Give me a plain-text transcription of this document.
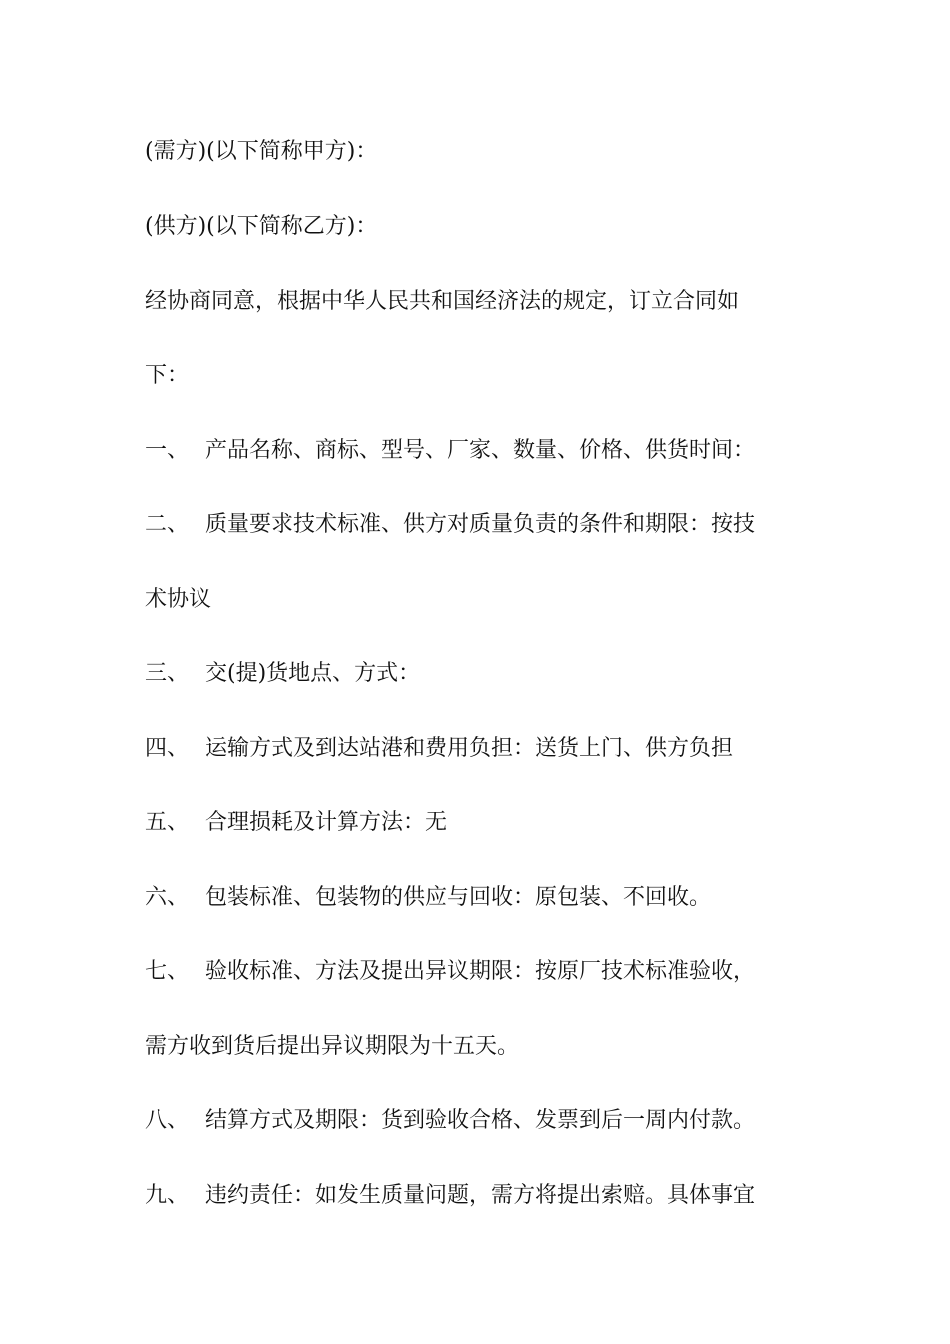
(需方)(以下简称甲方)：
(供方)(以下简称乙方)：
经协商同意，根据中华人民共和国经济法的规定，订立合同如
下：
一、 产品名称、商标、型号、厂家、数量、价格、供货时间：
二、 质量要求技术标准、供方对质量负责的条件和期限：按技
术协议
三、 交(提)货地点、方式：
四、 运输方式及到达站港和费用负担：送货上门、供方负担
五、 合理损耗及计算方法：无
六、 包装标准、包装物的供应与回收：原包装、不回收。
七、 验收标准、方法及提出异议期限：按原厂技术标准验收，
需方收到货后提出异议期限为十五天。
八、 结算方式及期限：货到验收合格、发票到后一周内付款。
九、 违约责任：如发生质量问题，需方将提出索赔。具体事宜
